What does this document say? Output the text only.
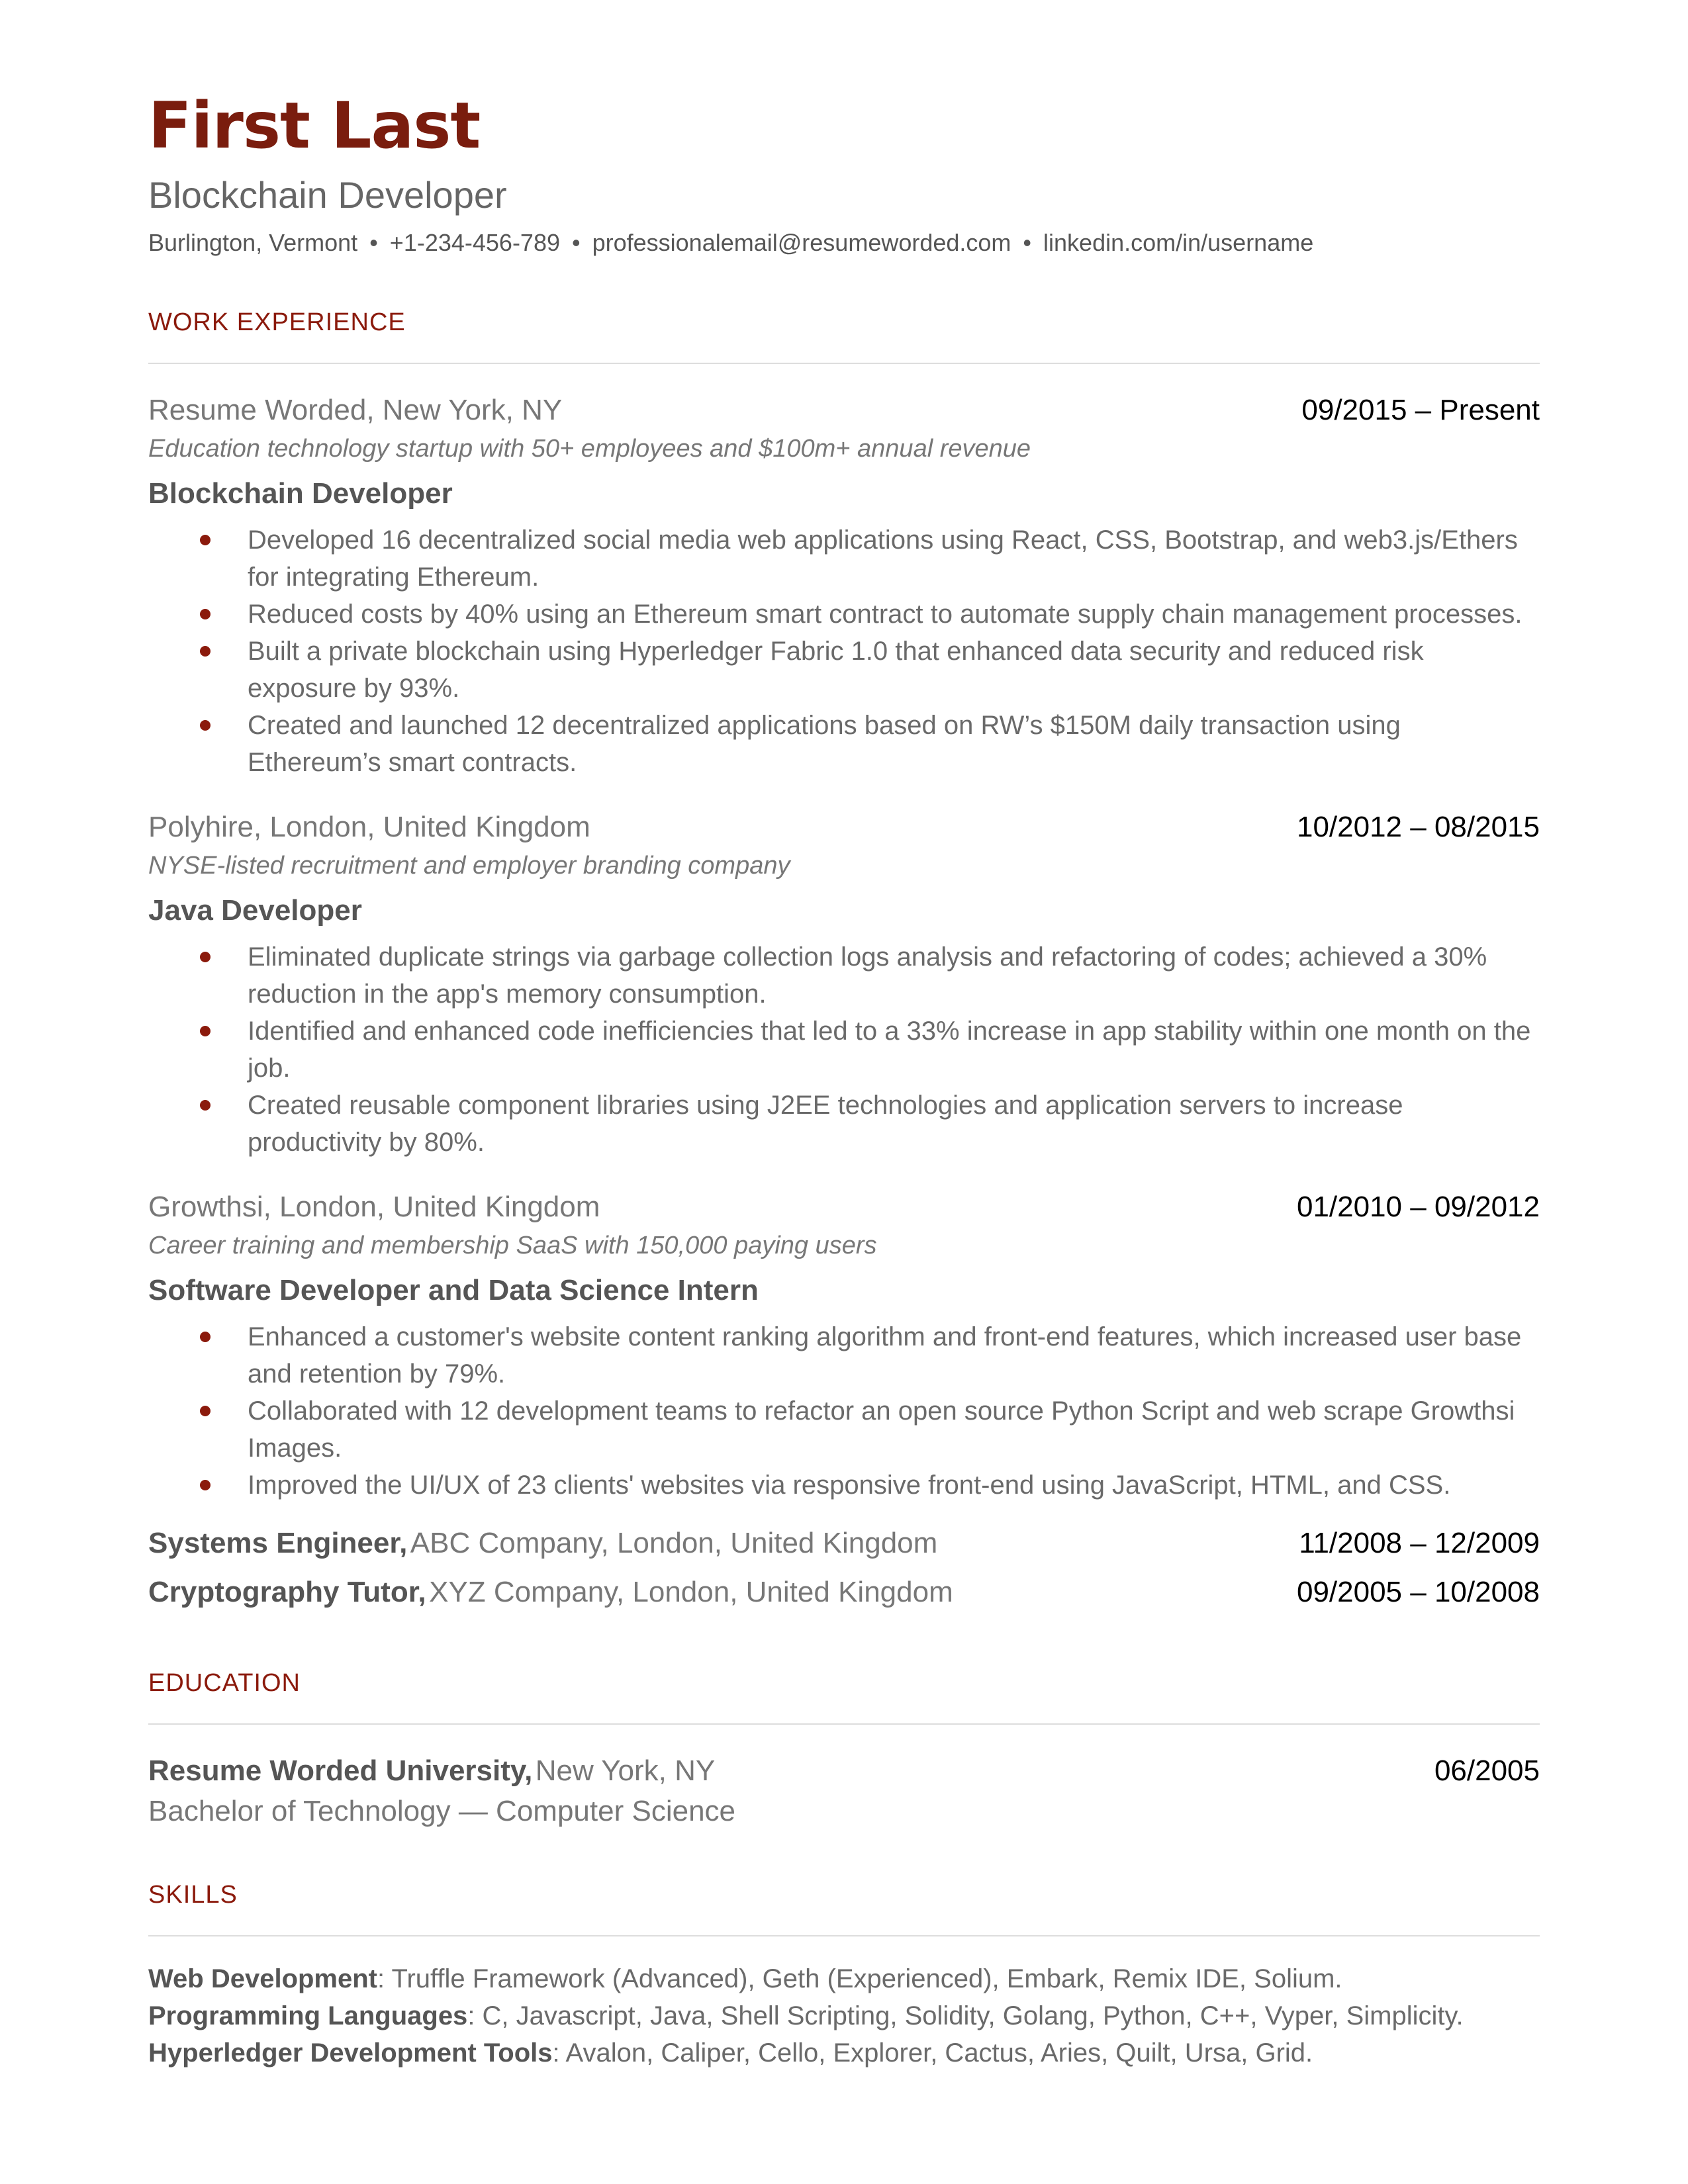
First Last
Blockchain Developer
Burlington, Vermont • +1-234-456-789 • professionalemail@resumeworded.com • linkedin.com/in/username
WORK EXPERIENCE
Resume Worded, New York, NY	09/2015 – Present
Education technology startup with 50+ employees and $100m+ annual revenue
Blockchain Developer
Developed 16 decentralized social media web applications using React, CSS, Bootstrap, and web3.js/Ethers for integrating Ethereum.
Reduced costs by 40% using an Ethereum smart contract to automate supply chain management processes.
Built a private blockchain using Hyperledger Fabric 1.0 that enhanced data security and reduced risk exposure by 93%.
Created and launched 12 decentralized applications based on RW’s $150M daily transaction using Ethereum’s smart contracts.
Polyhire, London, United Kingdom	10/2012 – 08/2015
NYSE-listed recruitment and employer branding company
Java Developer
Eliminated duplicate strings via garbage collection logs analysis and refactoring of codes; achieved a 30% reduction in the app's memory consumption.
Identified and enhanced code inefficiencies that led to a 33% increase in app stability within one month on the job.
Created reusable component libraries using J2EE technologies and application servers to increase productivity by 80%.
Growthsi, London, United Kingdom	01/2010 – 09/2012
Career training and membership SaaS with 150,000 paying users
Software Developer and Data Science Intern
Enhanced a customer's website content ranking algorithm and front-end features, which increased user base and retention by 79%.
Collaborated with 12 development teams to refactor an open source Python Script and web scrape Growthsi Images.
Improved the UI/UX of 23 clients' websites via responsive front-end using JavaScript, HTML, and CSS.
Systems Engineer, ABC Company, London, United Kingdom	11/2008 – 12/2009
Cryptography Tutor, XYZ Company, London, United Kingdom	09/2005 – 10/2008
EDUCATION
Resume Worded University, New York, NY	06/2005
Bachelor of Technology — Computer Science
SKILLS
Web Development: Truffle Framework (Advanced), Geth (Experienced), Embark, Remix IDE, Solium.
Programming Languages: C, Javascript, Java, Shell Scripting, Solidity, Golang, Python, C++, Vyper, Simplicity.
Hyperledger Development Tools: Avalon, Caliper, Cello, Explorer, Cactus, Aries, Quilt, Ursa, Grid.
